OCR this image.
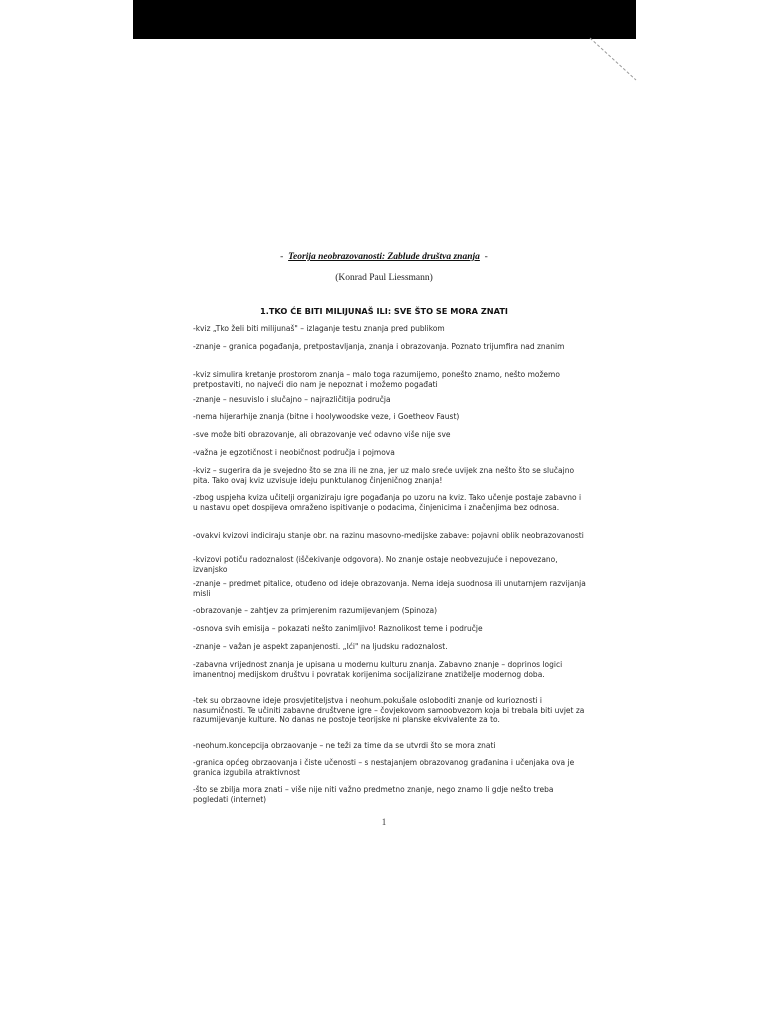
- Teorija neobrazovanosti: Zablude društva znanja -
(Konrad Paul Liessmann)
1.TKO ĆE BITI MILIJUNAŠ ILI: SVE ŠTO SE MORA ZNATI

-kviz „Tko želi biti milijunaš" – izlaganje testu znanja pred publikom

-znanje – granica pogađanja, pretpostavljanja, znanja i obrazovanja. Poznato trijumfira nad znanim

-kviz simulira kretanje prostorom znanja – malo toga razumijemo, ponešto znamo, nešto možemo pretpostaviti, no najveći dio nam je nepoznat i možemo pogađati

-znanje – nesuvislo i slučajno – najrazličitija područja

-nema hijerarhije znanja (bitne i hoolywoodske veze, i Goetheov Faust)

-sve može biti obrazovanje, ali obrazovanje već odavno više nije sve

-važna je egzotičnost i neobičnost područja i pojmova

-kviz – sugerira da je svejedno što se zna ili ne zna, jer uz malo sreće uvijek zna nešto što se slučajno pita. Tako ovaj kviz uzvisuje ideju punktulanog činjeničnog znanja!

-zbog uspjeha kviza učitelji organiziraju igre pogađanja po uzoru na kviz. Tako učenje postaje zabavno i u nastavu opet dospijeva omraženo ispitivanje o podacima, činjenicima i značenjima bez odnosa.

-ovakvi kvizovi indiciraju stanje obr. na razinu masovno-medijske zabave: pojavni oblik neobrazovanosti

-kvizovi potiču radoznalost (iščekivanje odgovora). No znanje ostaje neobvezujuće i nepovezano, izvanjsko

-znanje – predmet pitalice, otuđeno od ideje obrazovanja. Nema ideja suodnosa ili unutarnjem razvijanja misli

-obrazovanje – zahtjev za primjerenim razumijevanjem (Spinoza)

-osnova svih emisija – pokazati nešto zanimljivo! Raznolikost teme i područje

-znanje – važan je aspekt zapanjenosti. „Ići" na ljudsku radoznalost.

-zabavna vrijednost znanja je upisana u modernu kulturu znanja. Zabavno znanje – doprinos logici imanentnoj medijskom društvu i povratak korijenima socijalizirane znatiželje modernog doba.

-tek su obrzaovne ideje prosvjetiteljstva i neohum.pokušale osloboditi znanje od kurioznosti i nasumičnosti. Te učiniti zabavne društvene igre – čovjekovom samoobvezom koja bi trebala biti uvjet za razumijevanje kulture. No danas ne postoje teorijske ni planske ekvivalente za to.

-neohum.koncepcija obrzaovanje – ne teži za time da se utvrdi što se mora znati

-granica općeg obrzaovanja i čiste učenosti – s nestajanjem obrazovanog građanina i učenjaka ova je granica izgubila atraktivnost

-što se zbilja mora znati – više nije niti važno predmetno znanje, nego znamo li gdje nešto treba pogledati (internet)

1
